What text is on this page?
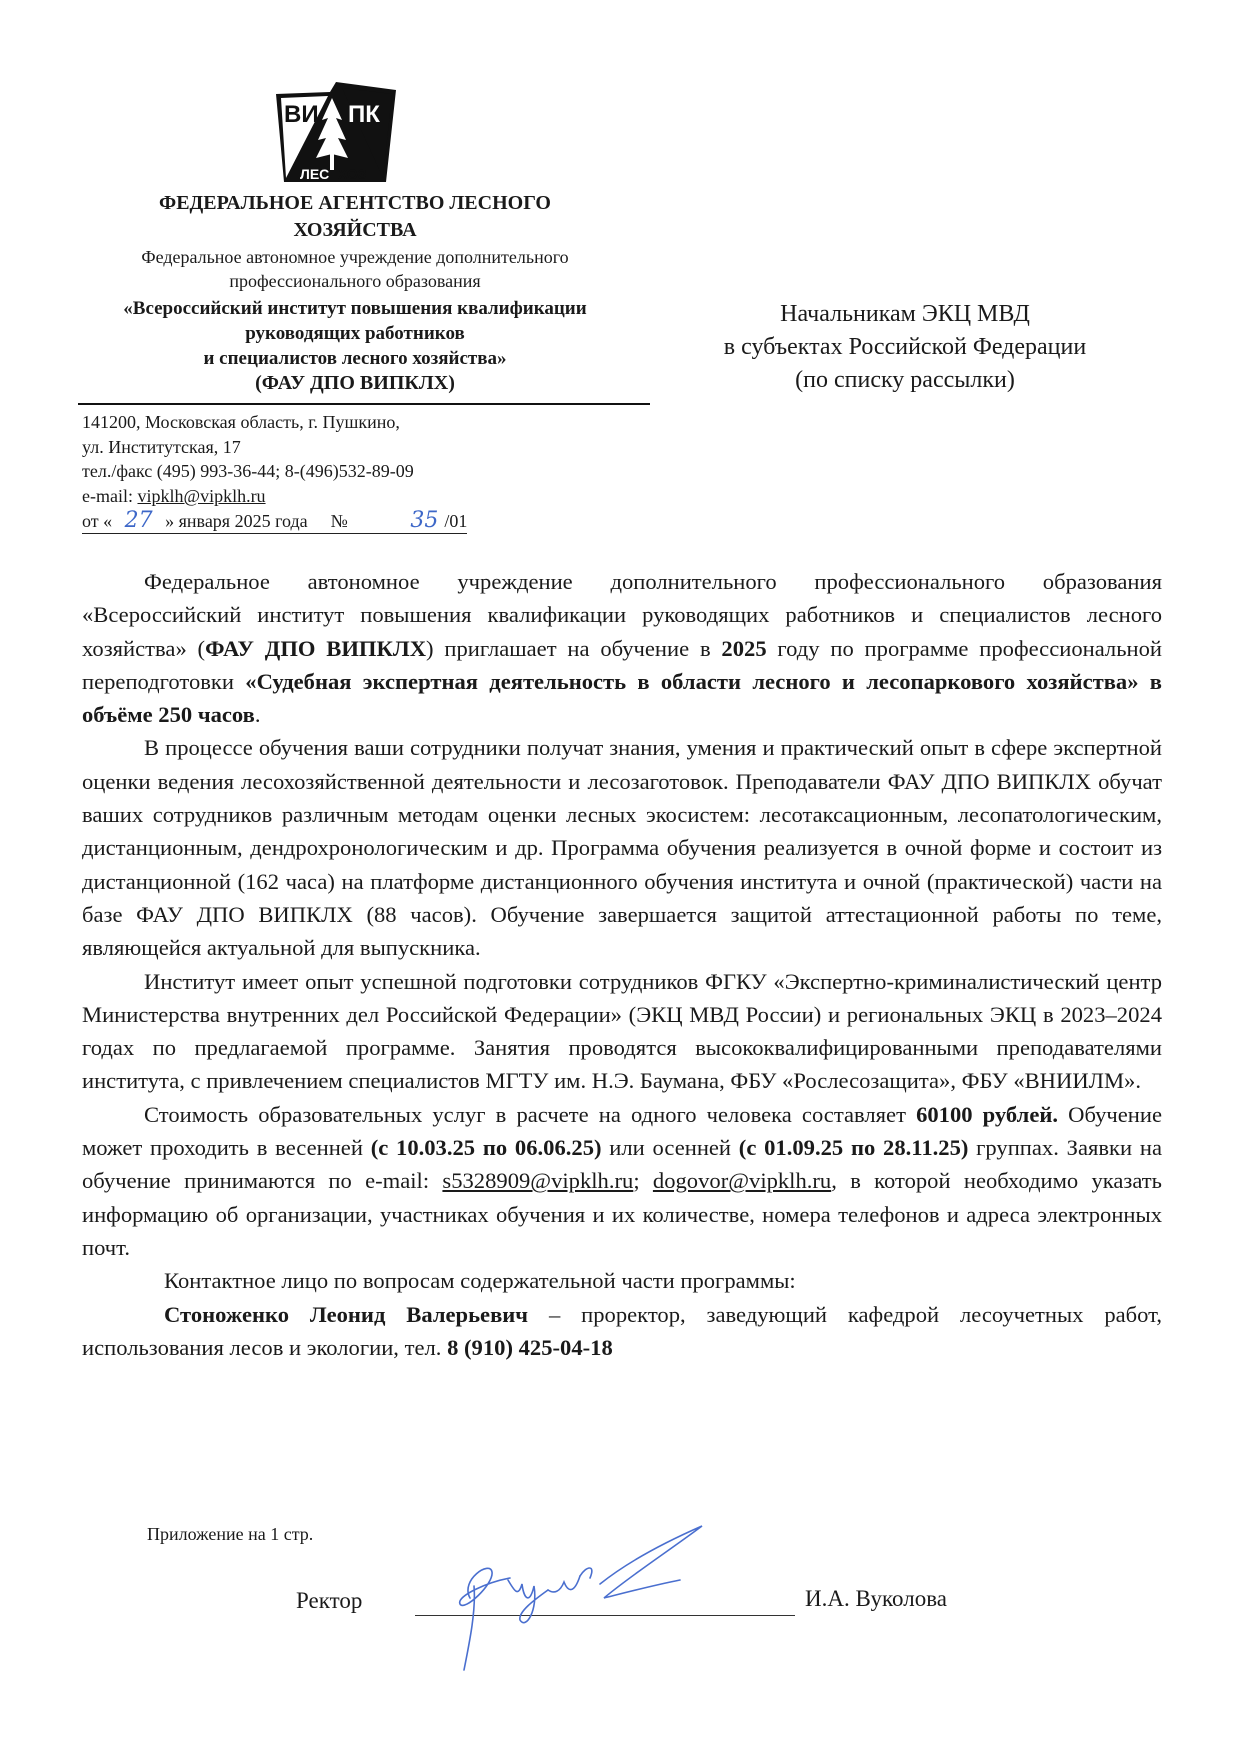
ВИ ПК
ЛЕС ХОЗ
ФЕДЕРАЛЬНОЕ АГЕНТСТВО ЛЕСНОГО
ХОЗЯЙСТВА
Федеральное автономное учреждение дополнительного
профессионального образования
«Всероссийский институт повышения квалификации
руководящих работников
и специалистов лесного хозяйства»
(ФАУ ДПО ВИПКЛХ)
141200, Московская область, г. Пушкино,
ул. Институтская, 17
тел./факс (495) 993-36-44; 8-(496)532-89-09
e-mail: vipklh@vipklh.ru
от « 27 » января 2025 года №	35 /01
Начальникам ЭКЦ МВД
в субъектах Российской Федерации
(по списку рассылки)

Федеральное автономное учреждение дополнительного профессионального образования «Всероссийский институт повышения квалификации руководящих работников и специалистов лесного хозяйства» (ФАУ ДПО ВИПКЛХ) приглашает на обучение в 2025 году по программе профессиональной переподготовки «Судебная экспертная деятельность в области лесного и лесопаркового хозяйства» в объёме 250 часов.

В процессе обучения ваши сотрудники получат знания, умения и практический опыт в сфере экспертной оценки ведения лесохозяйственной деятельности и лесозаготовок. Преподаватели ФАУ ДПО ВИПКЛХ обучат ваших сотрудников различным методам оценки лесных экосистем: лесотаксационным, лесопатологическим, дистанционным, дендрохронологическим и др. Программа обучения реализуется в очной форме и состоит из дистанционной (162 часа) на платформе дистанционного обучения института и очной (практической) части на базе ФАУ ДПО ВИПКЛХ (88 часов). Обучение завершается защитой аттестационной работы по теме, являющейся актуальной для выпускника.

Институт имеет опыт успешной подготовки сотрудников ФГКУ «Экспертно-криминалистический центр Министерства внутренних дел Российской Федерации» (ЭКЦ МВД России) и региональных ЭКЦ в 2023–2024 годах по предлагаемой программе. Занятия проводятся высококвалифицированными преподавателями института, с привлечением специалистов МГТУ им. Н.Э. Баумана, ФБУ «Рослесозащита», ФБУ «ВНИИЛМ».

Стоимость образовательных услуг в расчете на одного человека составляет 60100 рублей. Обучение может проходить в весенней (с 10.03.25 по 06.06.25) или осенней (с 01.09.25 по 28.11.25) группах. Заявки на обучение принимаются по e-mail: s5328909@vipklh.ru; dogovor@vipklh.ru, в которой необходимо указать информацию об организации, участниках обучения и их количестве, номера телефонов и адреса электронных почт.

Контактное лицо по вопросам содержательной части программы:

Стоноженко Леонид Валерьевич – проректор, заведующий кафедрой лесоучетных работ, использования лесов и экологии, тел. 8 (910) 425-04-18

Приложение на 1 стр.
Ректор	И.А. Вуколова
